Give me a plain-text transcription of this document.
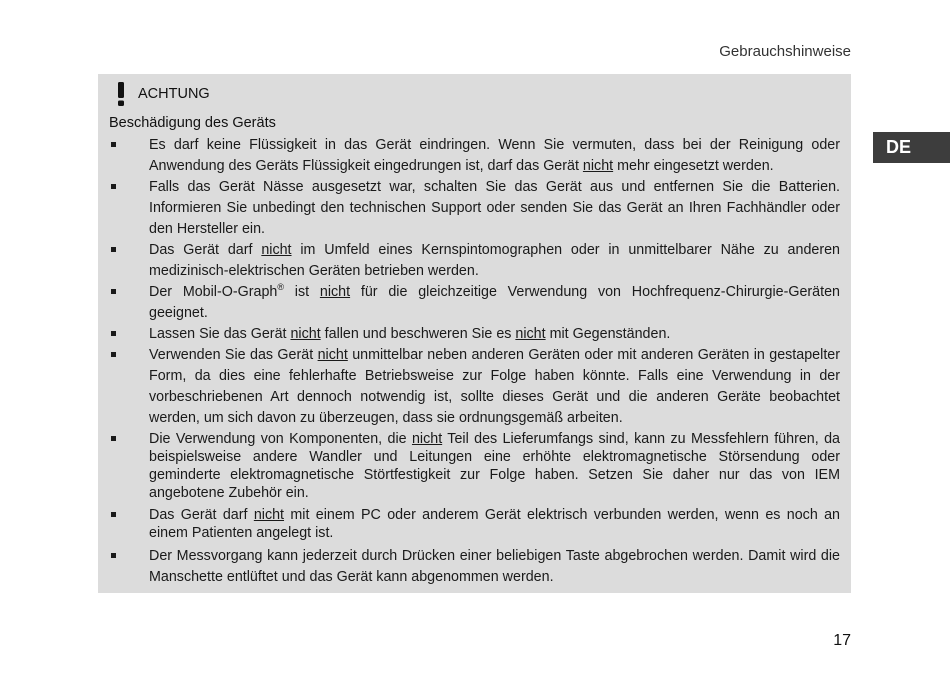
Gebrauchshinweise
DE
ACHTUNG
Beschädigung des Geräts
Es darf keine Flüssigkeit in das Gerät eindringen. Wenn Sie vermuten, dass bei der Reinigung oder Anwendung des Geräts Flüssigkeit eingedrungen ist, darf das Gerät nicht mehr eingesetzt werden.
Falls das Gerät Nässe ausgesetzt war, schalten Sie das Gerät aus und entfernen Sie die Batterien. Informieren Sie unbedingt den technischen Support oder senden Sie das Gerät an Ihren Fachhändler oder den Hersteller ein.
Das Gerät darf nicht im Umfeld eines Kernspintomographen oder in unmittelbarer Nähe zu anderen medizinisch-elektrischen Geräten betrieben werden.
Der Mobil-O-Graph® ist nicht für die gleichzeitige Verwendung von Hochfrequenz-Chirurgie-Geräten geeignet.
Lassen Sie das Gerät nicht fallen und beschweren Sie es nicht mit Gegenständen.
Verwenden Sie das Gerät nicht unmittelbar neben anderen Geräten oder mit anderen Geräten in gestapelter Form, da dies eine fehlerhafte Betriebsweise zur Folge haben könnte. Falls eine Verwendung in der vorbeschriebenen Art dennoch notwendig ist, sollte dieses Gerät und die anderen Geräte beobachtet werden, um sich davon zu überzeugen, dass sie ordnungsgemäß arbeiten.
Die Verwendung von Komponenten, die nicht Teil des Lieferumfangs sind, kann zu Messfehlern führen, da beispielsweise andere Wandler und Leitungen eine erhöhte elektromagnetische Störsendung oder geminderte elektromagnetische Störtfestigkeit zur Folge haben. Setzen Sie daher nur das von IEM angebotene Zubehör ein.
Das Gerät darf nicht mit einem PC oder anderem Gerät elektrisch verbunden werden, wenn es noch an einem Patienten angelegt ist.
Der Messvorgang kann jederzeit durch Drücken einer beliebigen Taste abgebrochen werden. Damit wird die Manschette entlüftet und das Gerät kann abgenommen werden.
17
